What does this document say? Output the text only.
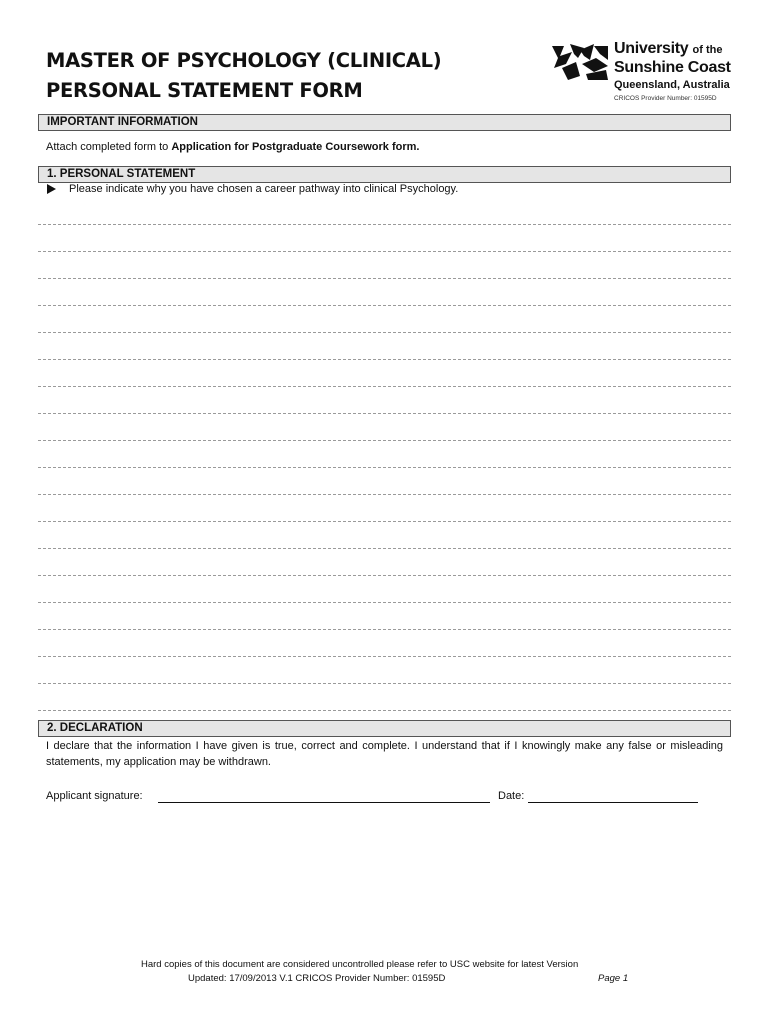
MASTER OF PSYCHOLOGY (CLINICAL)
PERSONAL STATEMENT FORM
University of the
Sunshine Coast
Queensland, Australia
CRICOS Provider Number: 01595D
IMPORTANT INFORMATION
Attach completed form to Application for Postgraduate Coursework form.
1. PERSONAL STATEMENT
Please indicate why you have chosen a career pathway into clinical Psychology.
2. DECLARATION
I declare that the information I have given is true, correct and complete. I understand that if I knowingly make any false or misleading statements, my application may be withdrawn.
Applicant signature:	Date:
Hard copies of this document are considered uncontrolled please refer to USC website for latest Version
Updated: 17/09/2013 V.1 CRICOS Provider Number: 01595D	Page 1
